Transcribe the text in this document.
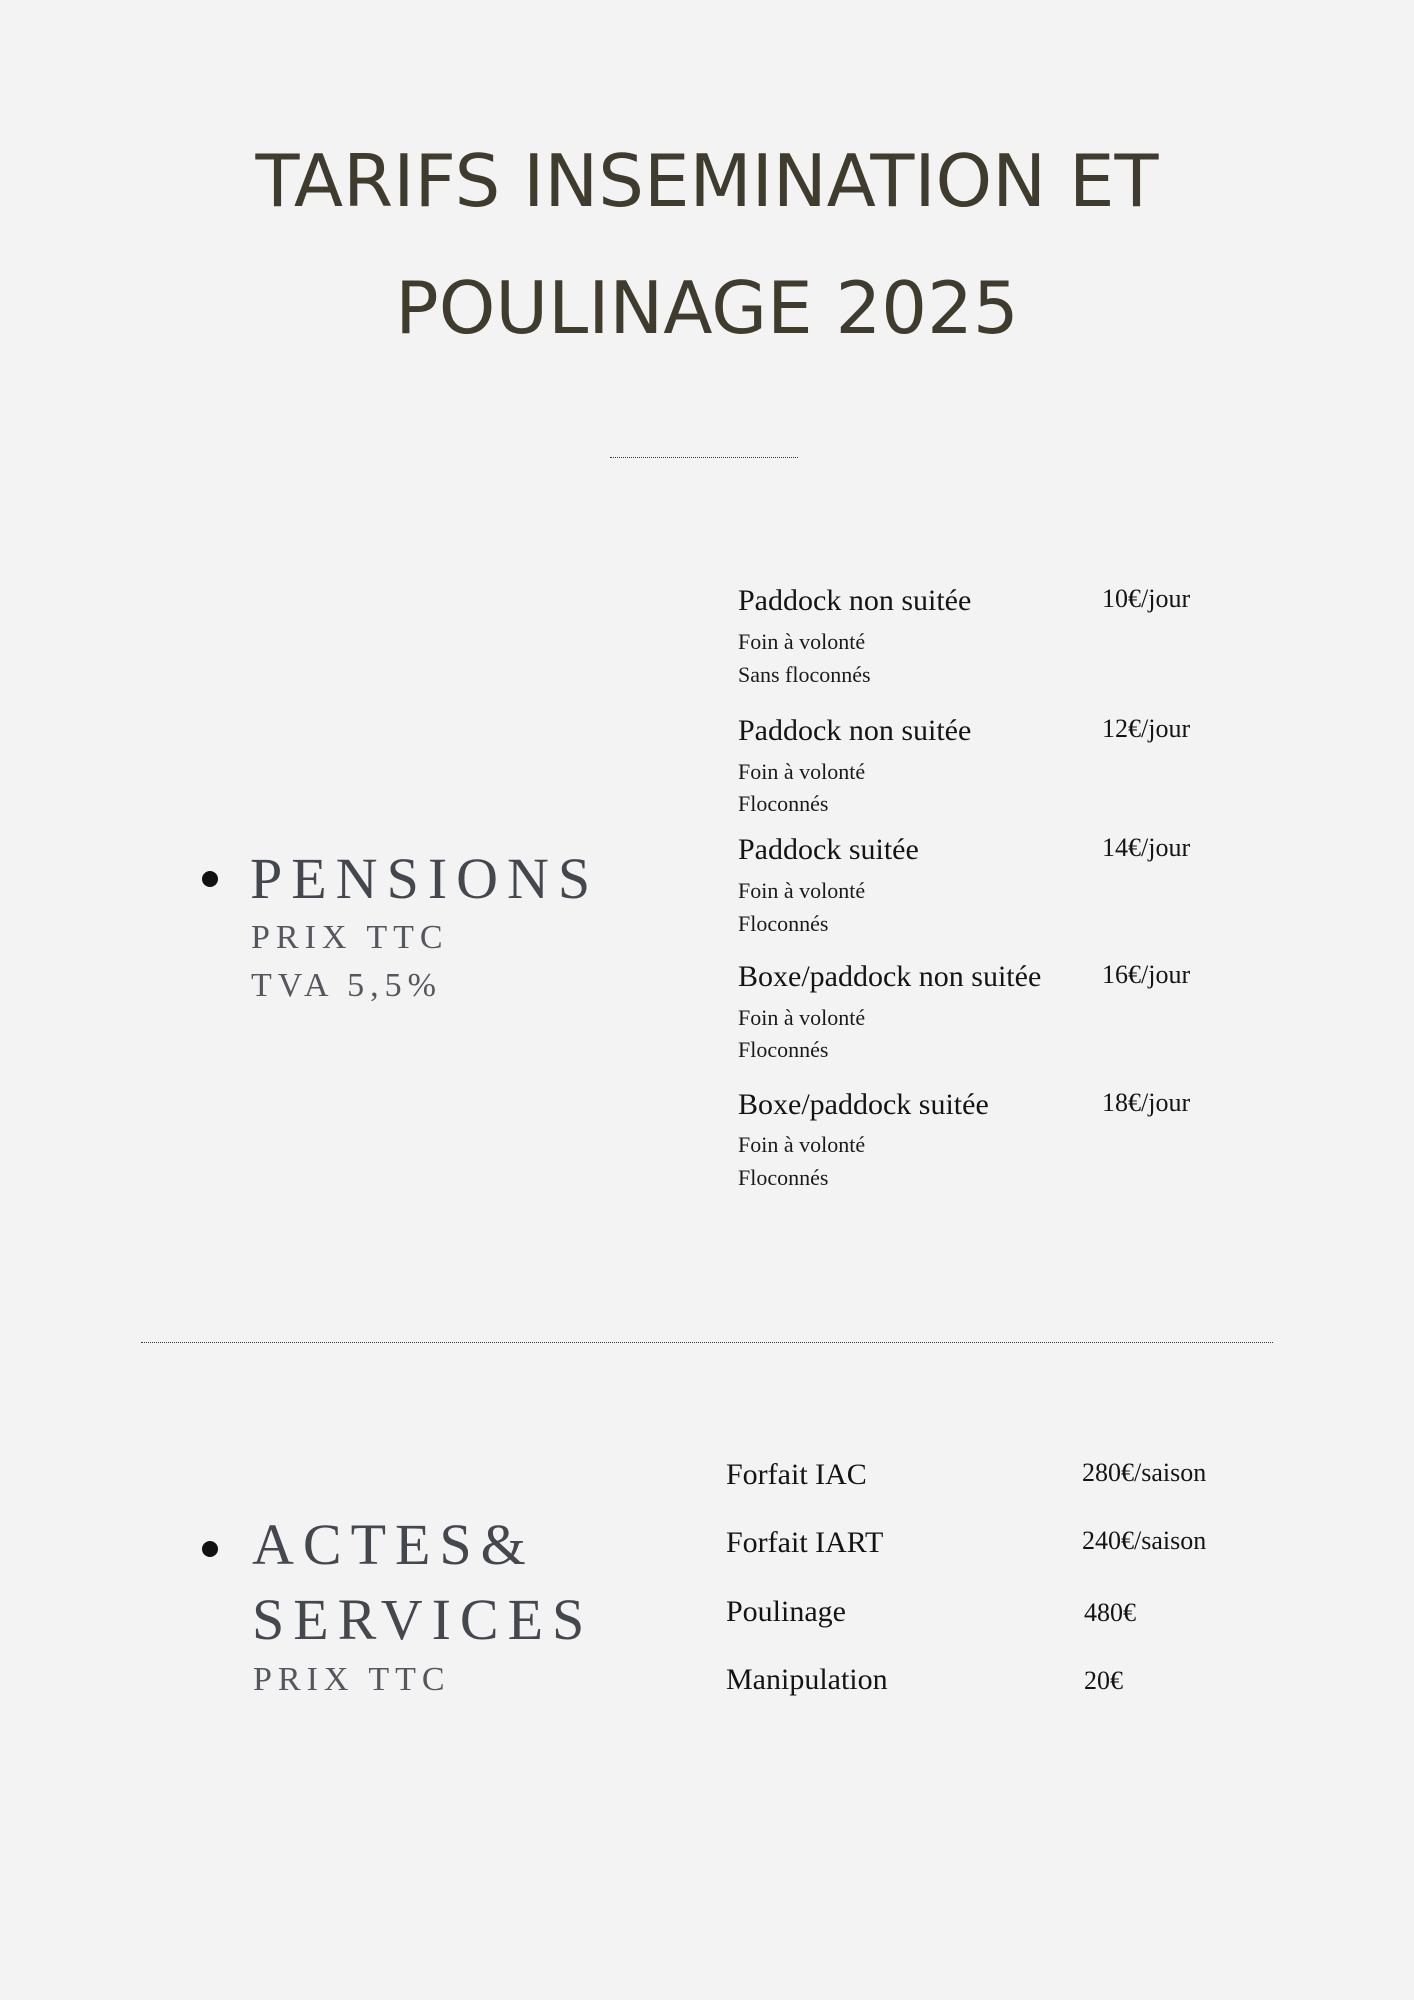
TARIFS INSEMINATION ET
POULINAGE 2025
PENSIONS
PRIX TTC
TVA 5,5%
Paddock non suitée	10€/jour
Foin à volonté
Sans floconnés
Paddock non suitée	12€/jour
Foin à volonté
Floconnés
Paddock suitée	14€/jour
Foin à volonté
Floconnés
Boxe/paddock non suitée 16€/jour
Foin à volonté
Floconnés
Boxe/paddock suitée	18€/jour
Foin à volonté
Floconnés
ACTES&
SERVICES
PRIX TTC
Forfait IAC	280€/saison
Forfait IART	240€/saison
Poulinage	480€
Manipulation	20€
